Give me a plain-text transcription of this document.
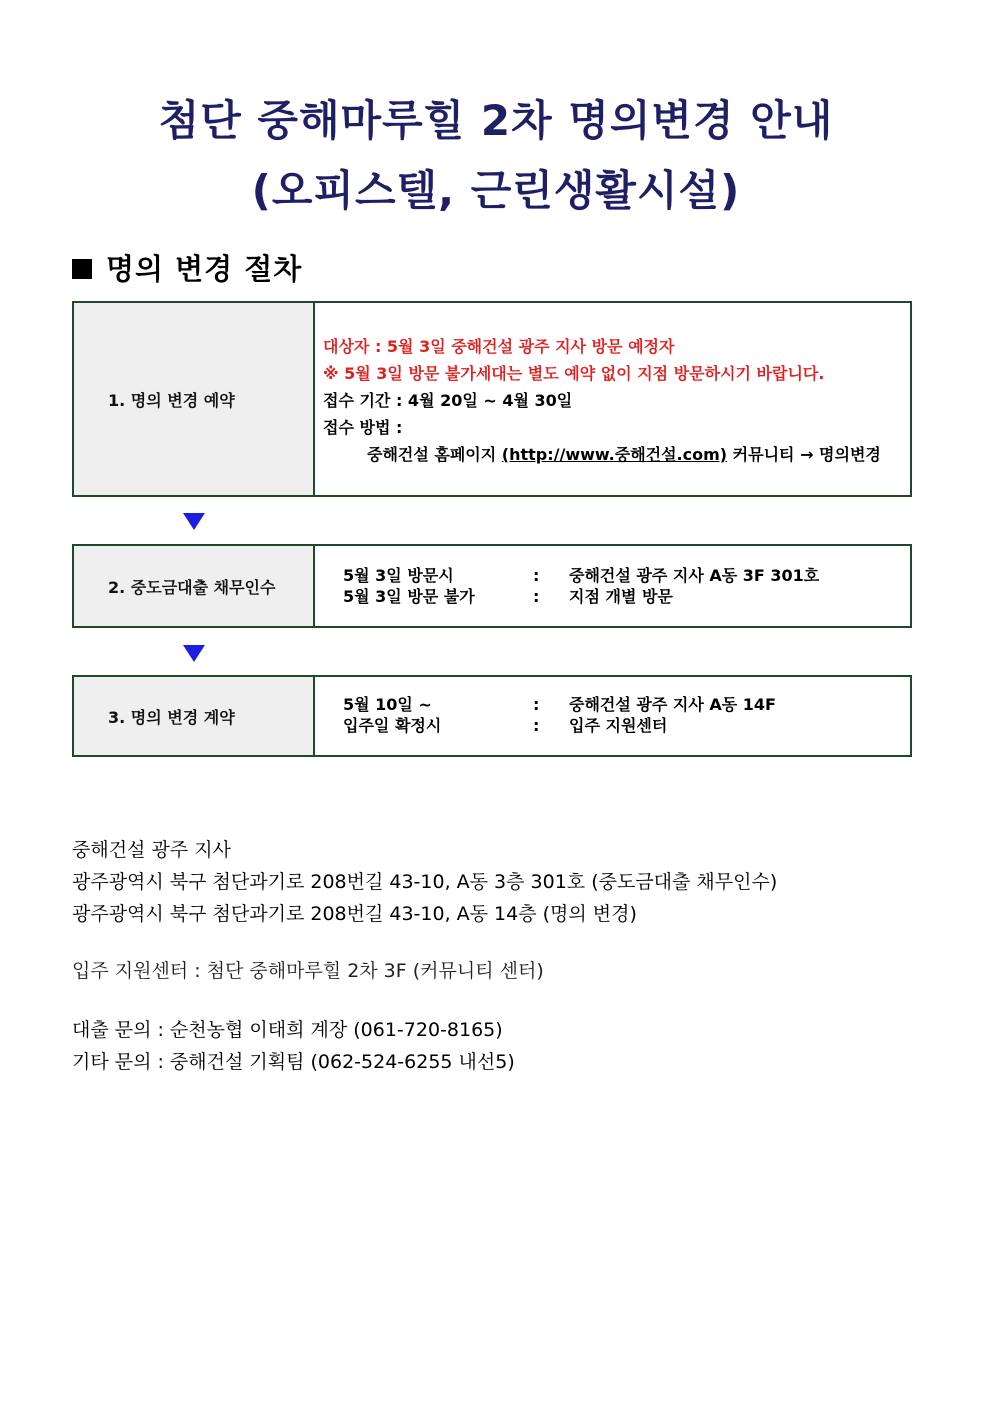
첨단 중해마루힐 2차 명의변경 안내
(오피스텔, 근린생활시설)
명의 변경 절차
1. 명의 변경 예약
대상자 : 5월 3일 중해건설 광주 지사 방문 예정자
※ 5월 3일 방문 불가세대는 별도 예약 없이 지점 방문하시기 바랍니다.
접수 기간 : 4월 20일 ~ 4월 30일
접수 방법 :
중해건설 홈페이지 (http://www.중해건설.com) 커뮤니티 → 명의변경
2. 중도금대출 채무인수
5월 3일 방문시	:	중해건설 광주 지사 A동 3F 301호
5월 3일 방문 불가	:	지점 개별 방문
3. 명의 변경 계약
5월 10일 ~	:	중해건설 광주 지사 A동 14F
입주일 확정시	:	입주 지원센터
중해건설 광주 지사
광주광역시 북구 첨단과기로 208번길 43-10, A동 3층 301호 (중도금대출 채무인수)
광주광역시 북구 첨단과기로 208번길 43-10, A동 14층 (명의 변경)
입주 지원센터 : 첨단 중해마루힐 2차 3F (커뮤니티 센터)
대출 문의 : 순천농협 이태희 계장 (061-720-8165)
기타 문의 : 중해건설 기획팀 (062-524-6255 내선5)
